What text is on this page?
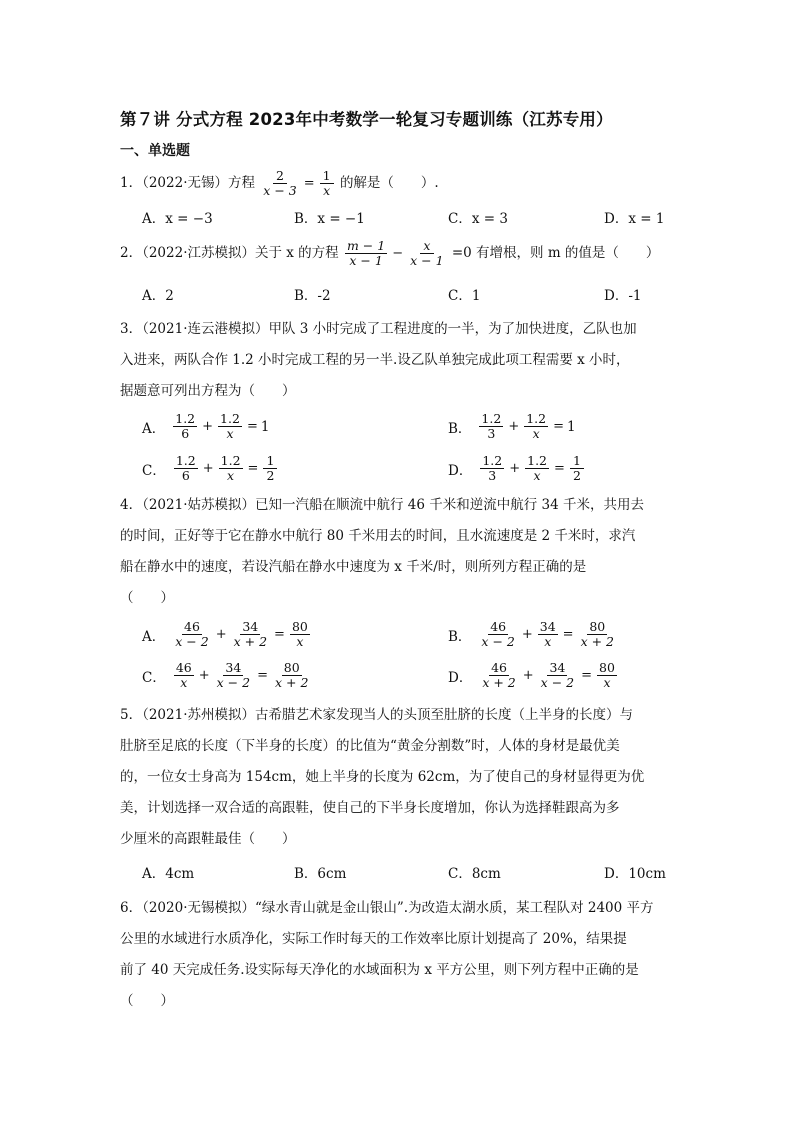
第７讲 分式方程 2023年中考数学一轮复习专题训练（江苏专用）
一、单选题
1．（2022·无锡）方程 $\frac{2}{x - 3} = \frac{1}{x}$ 的解是（　　）.
A．x = −3	B．x = −1	C．x = 3	D．x = 1
2．（2022·江苏模拟）关于 x 的方程 $\frac{m - 1}{x - 1} - \frac{x}{x - 1} =0$ 有增根，则 m 的值是（　　）
A．2	B．-2	C．1	D．-1
3．（2021·连云港模拟）甲队 3 小时完成了工程进度的一半，为了加快进度，乙队也加
入进来，两队合作 1.2 小时完成工程的另一半.设乙队单独完成此项工程需要 x 小时，
据题意可列出方程为（　　）
A． $\frac{1.2}{6} + \frac{1.2}{x} = 1$	B． $\frac{1.2}{3} + \frac{1.2}{x} = 1$
C． $\frac{1.2}{6} + \frac{1.2}{x} = \frac{1}{2}$	D． $\frac{1.2}{3} + \frac{1.2}{x} = \frac{1}{2}$
4．（2021·姑苏模拟）已知一汽船在顺流中航行 46 千米和逆流中航行 34 千米，共用去
的时间，正好等于它在静水中航行 80 千米用去的时间，且水流速度是 2 千米时，求汽
船在静水中的速度，若设汽船在静水中速度为 x 千米/时，则所列方程正确的是
（　　）
A． $\frac{46}{x - 2} + \frac{34}{x + 2} = \frac{80}{x}$	B． $\frac{46}{x - 2} + \frac{34}{x} = \frac{80}{x + 2}$
C． $\frac{46}{x} + \frac{34}{x - 2} = \frac{80}{x + 2}$	D． $\frac{46}{x + 2} + \frac{34}{x - 2} = \frac{80}{x}$
5．（2021·苏州模拟）古希腊艺术家发现当人的头顶至肚脐的长度（上半身的长度）与
肚脐至足底的长度（下半身的长度）的比值为“黄金分割数”时，人体的身材是最优美
的，一位女士身高为 154cm，她上半身的长度为 62cm，为了使自己的身材显得更为优
美，计划选择一双合适的高跟鞋，使自己的下半身长度增加，你认为选择鞋跟高为多
少厘米的高跟鞋最佳（　　）
A．4cm	B．6cm	C．8cm	D．10cm
6．（2020·无锡模拟）“绿水青山就是金山银山”.为改造太湖水质，某工程队对 2400 平方
公里的水域进行水质净化，实际工作时每天的工作效率比原计划提高了 20%，结果提
前了 40 天完成任务.设实际每天净化的水域面积为 x 平方公里，则下列方程中正确的是
（　　）
